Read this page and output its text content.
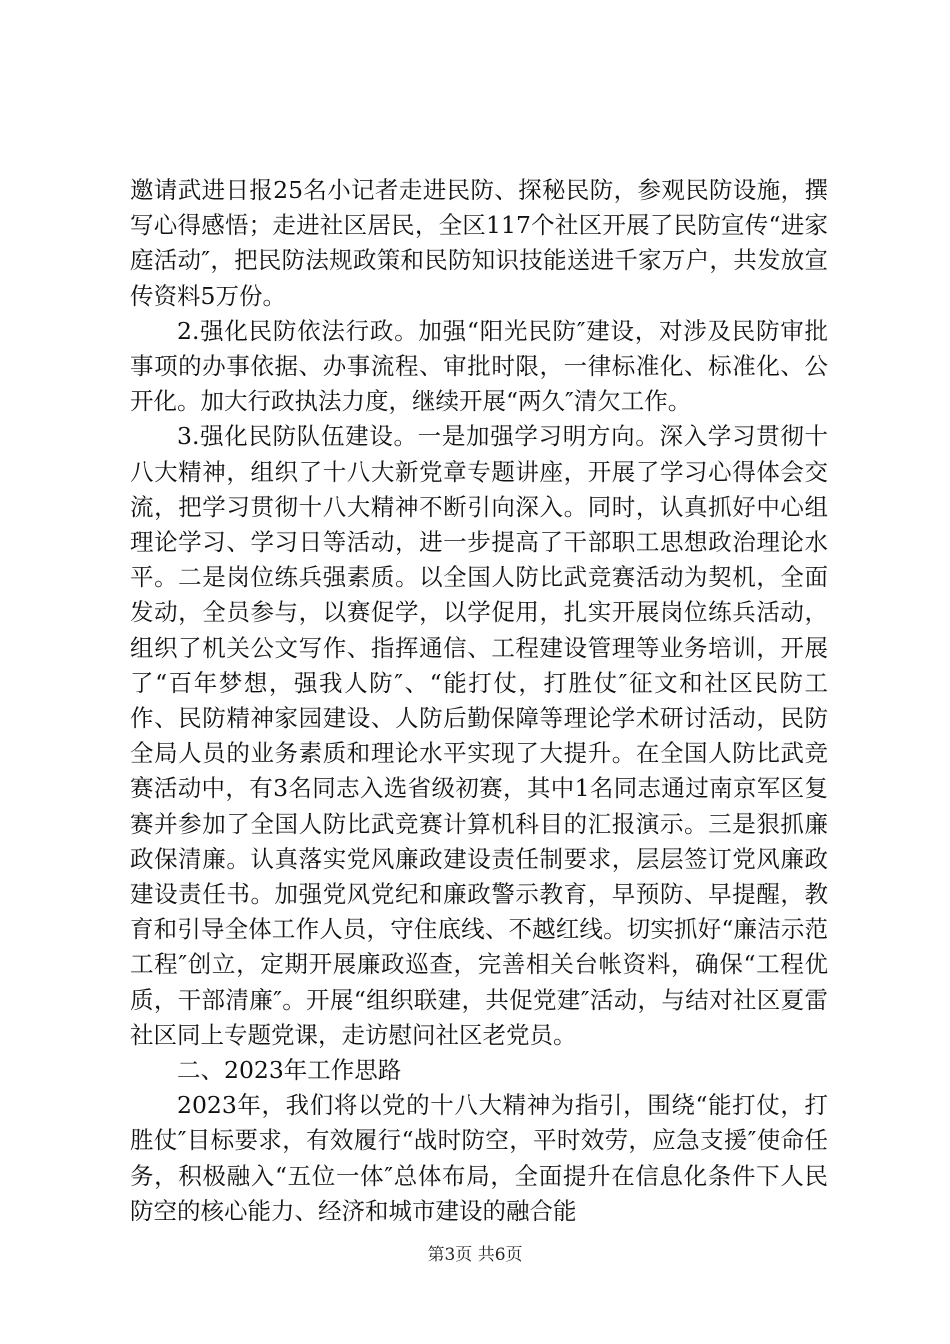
邀请武进日报25名小记者走进民防、探秘民防，参观民防设施，撰写心得感悟；走进社区居民，全区117个社区开展了民防宣传“进家庭活动″，把民防法规政策和民防知识技能送进千家万户，共发放宣传资料5万份。

2.强化民防依法行政。加强“阳光民防″建设，对涉及民防审批事项的办事依据、办事流程、审批时限，一律标准化、标准化、公开化。加大行政执法力度，继续开展“两久″清欠工作。

3.强化民防队伍建设。一是加强学习明方向。深入学习贯彻十八大精神，组织了十八大新党章专题讲座，开展了学习心得体会交流，把学习贯彻十八大精神不断引向深入。同时，认真抓好中心组理论学习、学习日等活动，进一步提高了干部职工思想政治理论水平。二是岗位练兵强素质。以全国人防比武竞赛活动为契机，全面发动，全员参与，以赛促学，以学促用，扎实开展岗位练兵活动，组织了机关公文写作、指挥通信、工程建设管理等业务培训，开展了“百年梦想，强我人防″、“能打仗，打胜仗″征文和社区民防工作、民防精神家园建设、人防后勤保障等理论学术研讨活动，民防全局人员的业务素质和理论水平实现了大提升。在全国人防比武竞赛活动中，有3名同志入选省级初赛，其中1名同志通过南京军区复赛并参加了全国人防比武竞赛计算机科目的汇报演示。三是狠抓廉政保清廉。认真落实党风廉政建设责任制要求，层层签订党风廉政建设责任书。加强党风党纪和廉政警示教育，早预防、早提醒，教育和引导全体工作人员，守住底线、不越红线。切实抓好“廉洁示范工程″创立，定期开展廉政巡查，完善相关台帐资料，确保“工程优质，干部清廉″。开展“组织联建，共促党建″活动，与结对社区夏雷社区同上专题党课，走访慰问社区老党员。

二、2023年工作思路

2023年，我们将以党的十八大精神为指引，围绕“能打仗，打胜仗″目标要求，有效履行“战时防空，平时效劳，应急支援″使命任务，积极融入“五位一体″总体布局，全面提升在信息化条件下人民防空的核心能力、经济和城市建设的融合能

第3页 共6页
